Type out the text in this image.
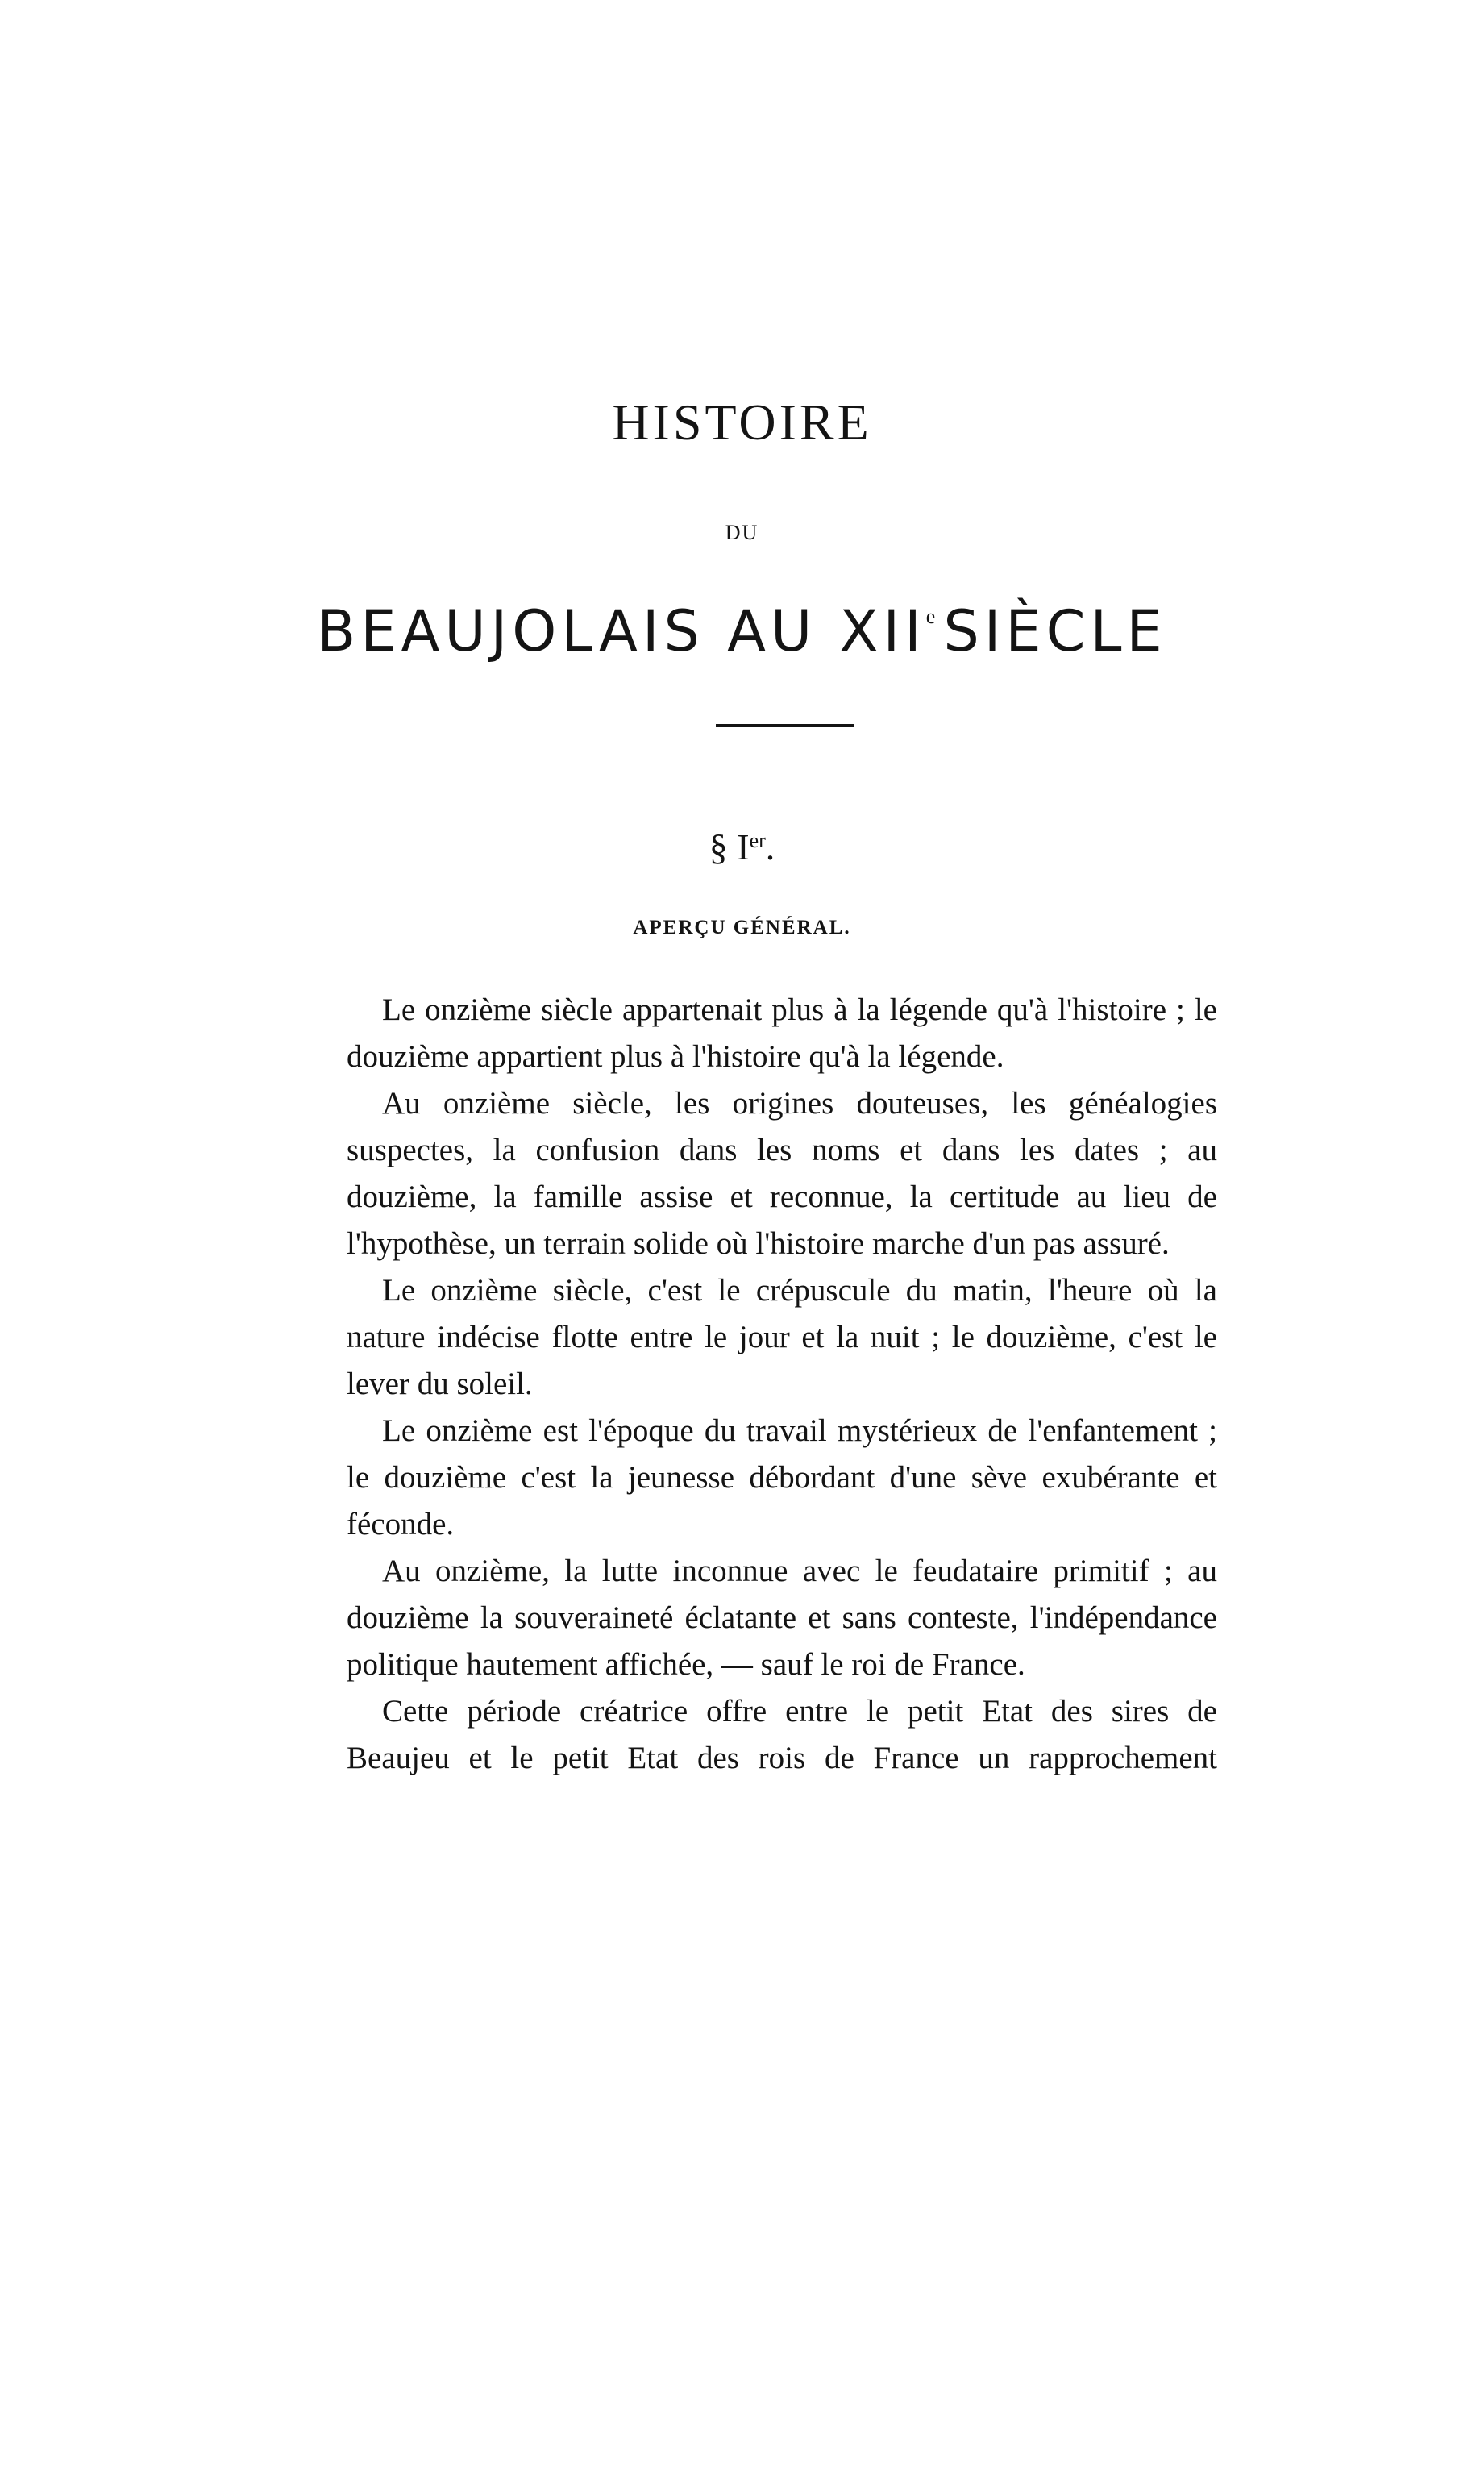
HISTOIRE
DU
BEAUJOLAIS AU XIIe SIÈCLE
§ Ier.
APERÇU GÉNÉRAL.

Le onzième siècle appartenait plus à la légende qu'à l'histoire ; le douzième appartient plus à l'histoire qu'à la légende.

Au onzième siècle, les origines douteuses, les généalogies suspectes, la confusion dans les noms et dans les dates ; au douzième, la famille assise et reconnue, la certitude au lieu de l'hypothèse, un terrain solide où l'histoire marche d'un pas assuré.

Le onzième siècle, c'est le crépuscule du matin, l'heure où la nature indécise flotte entre le jour et la nuit ; le douzième, c'est le lever du soleil.

Le onzième est l'époque du travail mystérieux de l'enfantement ; le douzième c'est la jeunesse débordant d'une sève exubérante et féconde.

Au onzième, la lutte inconnue avec le feudataire primitif ; au douzième la souveraineté éclatante et sans conteste, l'indépendance politique hautement affichée, — sauf le roi de France.

Cette période créatrice offre entre le petit Etat des sires de Beaujeu et le petit Etat des rois de France un rapprochement
